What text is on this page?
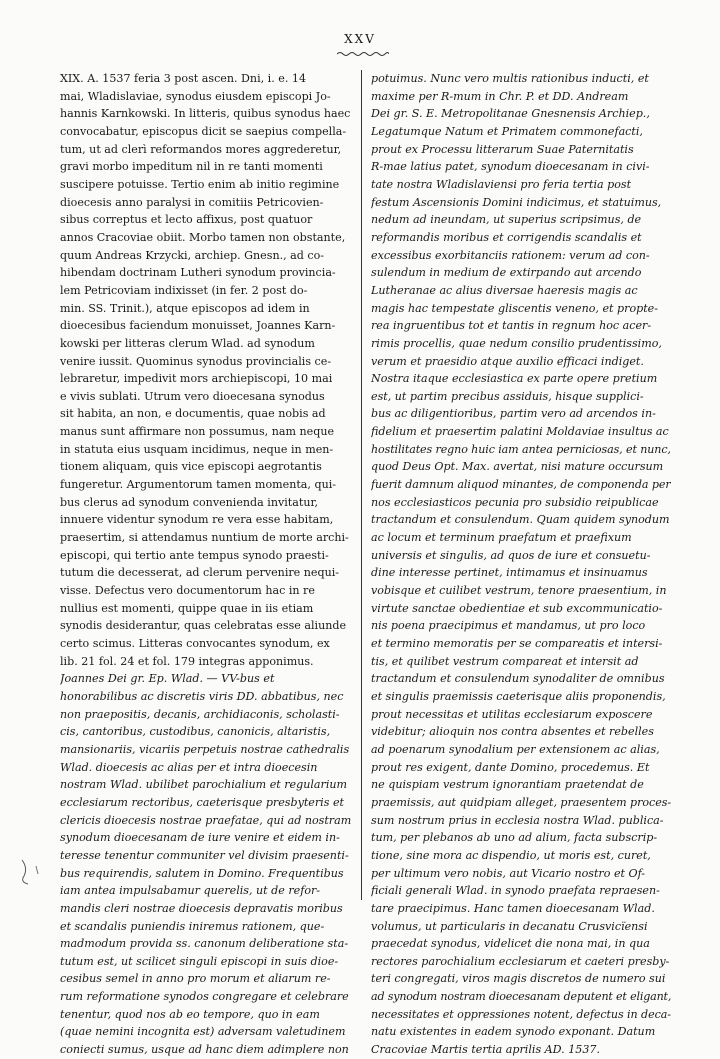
XXV
XIX. A. 1537 feria 3 post ascen. Dni, i. e. 14
mai, Wladislaviae, synodus eiusdem episcopi Jo-
hannis Karnkowski. In litteris, quibus synodus haec
convocabatur, episcopus dicit se saepius compella-
tum, ut ad clerì reformandos mores aggrederetur,
gravi morbo impeditum nil in re tanti momenti
suscipere potuisse. Tertio enim ab initio regimine
dioecesis anno paralysi in comitiis Petricovien-
sibus correptus et lecto affixus, post quatuor
annos Cracoviae obiit. Morbo tamen non obstante,
quum Andreas Krzycki, archiep. Gnesn., ad co-
hibendam doctrinam Lutheri synodum provincia-
lem Petricoviam indixisset (in fer. 2 post do-
min. SS. Trinit.), atque episcopos ad idem in
dioecesibus faciendum monuisset, Joannes Karn-
kowski per litteras clerum Wlad. ad synodum
venire iussit. Quominus synodus provincialis ce-
lebraretur, impedivit mors archiepiscopi, 10 mai
e vivis sublati. Utrum vero dioecesana synodus
sit habita, an non, e documentis, quae nobis ad
manus sunt affirmare non possumus, nam neque
in statuta eius usquam incidimus, neque in men-
tionem aliquam, quis vice episcopi aegrotantis
fungeretur. Argumentorum tamen momenta, qui-
bus clerus ad synodum convenienda invitatur,
innuere videntur synodum re vera esse habitam,
praesertim, si attendamus nuntium de morte archi-
episcopi, qui tertio ante tempus synodo praesti-
tutum die decesserat, ad clerum pervenire nequi-
visse. Defectus vero documentorum hac in re
nullius est momenti, quippe quae in iis etiam
synodis desiderantur, quas celebratas esse aliunde
certo scimus. Litteras convocantes synodum, ex
lib. 21 fol. 24 et fol. 179 integras apponimus.
Joannes Dei gr. Ep. Wlad. — VV-bus et
honorabilibus ac discretis viris DD. abbatibus, nec
non praepositis, decanis, archidiaconis, scholasti-
cis, cantoribus, custodibus, canonicis, altaristis,
mansionariis, vicariis perpetuis nostrae cathedralis
Wlad. dioecesis ac alias per et intra dioecesin
nostram Wlad. ubilibet parochialium et regularium
ecclesiarum rectoribus, caeterisque presbyteris et
clericis dioecesis nostrae praefatae, qui ad nostram
synodum dioecesanam de iure venire et eidem in-
teresse tenentur communiter vel divisim praesenti-
bus requirendis, salutem in Domino. Frequentibus
iam antea impulsabamur querelis, ut de refor-
mandis cleri nostrae dioecesis depravatis moribus
et scandalis puniendis iniremus rationem, que-
madmodum provida ss. canonum deliberatione sta-
tutum est, ut scilicet singuli episcopi in suis dioe-
cesibus semel in anno pro morum et aliarum re-
rum reformatione synodos congregare et celebrare
tenentur, quod nos ab eo tempore, quo in eam
(quae nemini incognita est) adversam valetudinem
coniecti sumus, usque ad hanc diem adimplere non
potuimus. Nunc vero multis rationibus inducti, et
maxime per R-mum in Chr. P. et DD. Andream
Dei gr. S. E. Metropolitanae Gnesnensis Archiep.,
Legatumque Natum et Primatem commonefacti,
prout ex Processu litterarum Suae Paternitatis
R-mae latius patet, synodum dioecesanam in civi-
tate nostra Wladislaviensi pro feria tertia post
festum Ascensionis Domini indicimus, et statuimus,
nedum ad ineundam, ut superius scripsimus, de
reformandis moribus et corrigendis scandalis et
excessibus exorbitanciis rationem: verum ad con-
sulendum in medium de extirpando aut arcendo
Lutheranae ac alius diversae haeresis magis ac
magis hac tempestate gliscentis veneno, et propte-
rea ingruentibus tot et tantis in regnum hoc acer-
rimis procellis, quae nedum consilio prudentissimo,
verum et praesidio atque auxilio efficaci indiget.
Nostra itaque ecclesiastica ex parte opere pretium
est, ut partim precibus assiduis, hisque supplici-
bus ac diligentioribus, partim vero ad arcendos in-
fidelium et praesertim palatini Moldaviae insultus ac
hostilitates regno huic iam antea perniciosas, et nunc,
quod Deus Opt. Max. avertat, nisi mature occursum
fuerit damnum aliquod minantes, de componenda per
nos ecclesiasticos pecunia pro subsidio reipublicae
tractandum et consulendum. Quam quidem synodum
ac locum et terminum praefatum et praefixum
universis et singulis, ad quos de iure et consuetu-
dine interesse pertinet, intimamus et insinuamus
vobisque et cuilibet vestrum, tenore praesentium, in
virtute sanctae obedientiae et sub excommunicatio-
nis poena praecipimus et mandamus, ut pro loco
et termino memoratis per se compareatis et intersi-
tis, et quilibet vestrum compareat et intersit ad
tractandum et consulendum synodaliter de omnibus
et singulis praemissis caeterisque aliis proponendis,
prout necessitas et utilitas ecclesiarum exposcere
videbitur; alioquin nos contra absentes et rebelles
ad poenarum synodalium per extensionem ac alias,
prout res exigent, dante Domino, procedemus. Et
ne quispiam vestrum ignorantiam praetendat de
praemissis, aut quidpiam alleget, praesentem proces-
sum nostrum prius in ecclesia nostra Wlad. publica-
tum, per plebanos ab uno ad alium, facta subscrip-
tione, sine mora ac dispendio, ut moris est, curet,
per ultimum vero nobis, aut Vicario nostro et Of-
ficiali generali Wlad. in synodo praefata repraesen-
tare praecipimus. Hanc tamen dioecesanam Wlad.
volumus, ut particularis in decanatu Crusvicïensi
praecedat synodus, videlicet die nona mai, in qua
rectores parochialium ecclesiarum et caeteri presby-
teri congregati, viros magis discretos de numero sui
ad synodum nostram dioecesanam deputent et eligant,
necessitates et oppressiones notent, defectus in deca-
natu existentes in eadem synodo exponant. Datum
Cracoviae Martis tertia aprilis AD. 1537.
